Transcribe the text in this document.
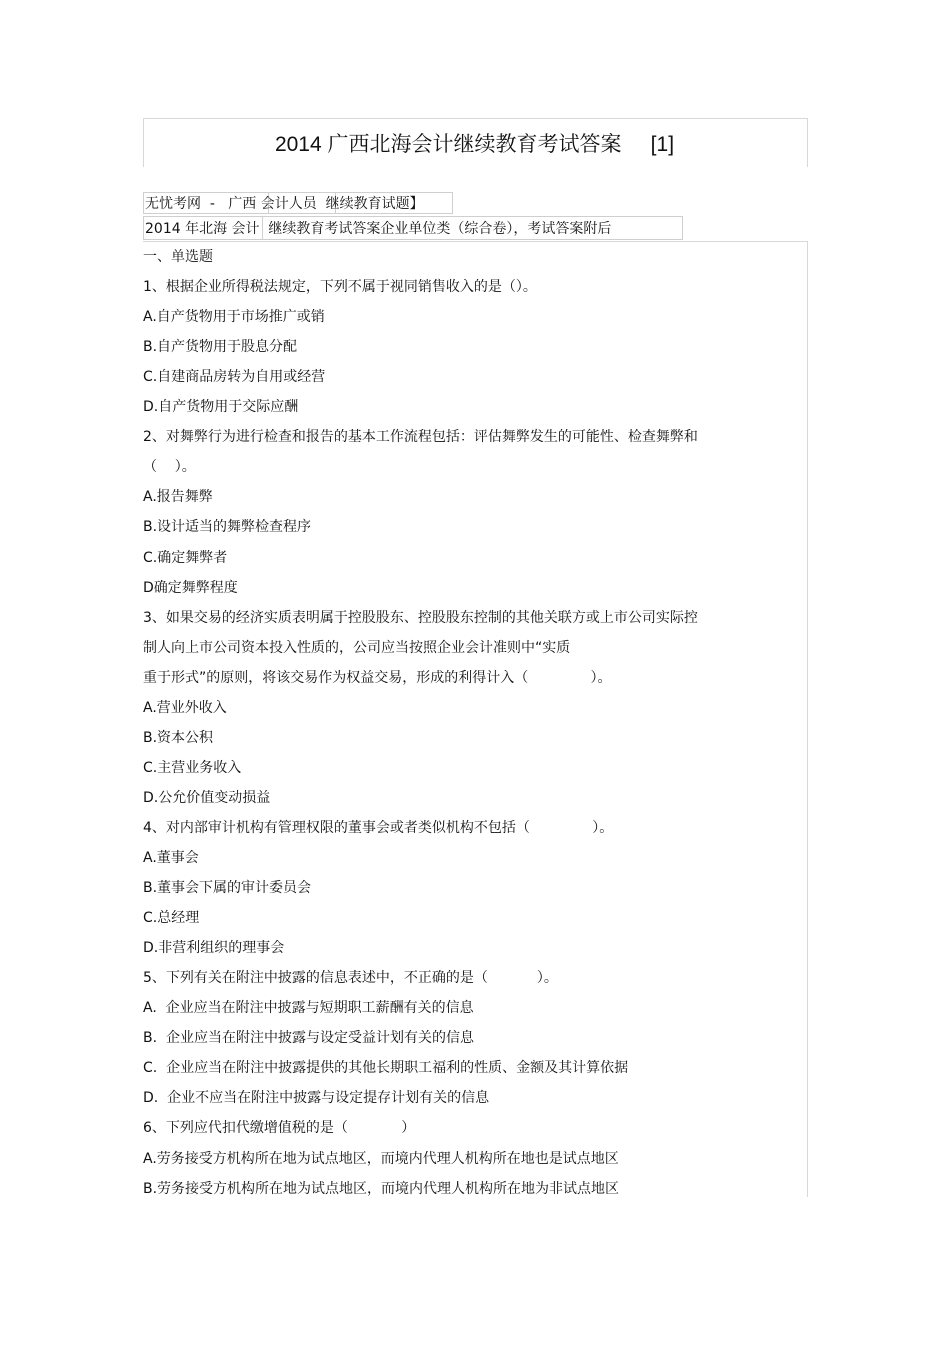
2014 广西北海会计继续教育考试答案     [1]
无忧考网  -   广西 会计人员  继续教育试题】
2014 年北海 会计  继续教育考试答案企业单位类（综合卷），考试答案附后
一、单选题
1、根据企业所得税法规定，下列不属于视同销售收入的是（）。
A.自产货物用于市场推广或销
B.自产货物用于股息分配
C.自建商品房转为自用或经营
D.自产货物用于交际应酬
2、对舞弊行为进行检查和报告的基本工作流程包括：评估舞弊发生的可能性、检查舞弊和
（    ）。
A.报告舞弊
B.设计适当的舞弊检查程序
C.确定舞弊者
D确定舞弊程度
3、如果交易的经济实质表明属于控股股东、控股股东控制的其他关联方或上市公司实际控
制人向上市公司资本投入性质的，公司应当按照企业会计准则中“实质
重于形式”的原则，将该交易作为权益交易，形成的利得计入（              ）。
A.营业外收入
B.资本公积
C.主营业务收入
D.公允价值变动损益
4、对内部审计机构有管理权限的董事会或者类似机构不包括（              ）。
A.董事会
B.董事会下属的审计委员会
C.总经理
D.非营利组织的理事会
5、下列有关在附注中披露的信息表述中，不正确的是（           ）。
A.  企业应当在附注中披露与短期职工薪酬有关的信息
B.  企业应当在附注中披露与设定受益计划有关的信息
C.  企业应当在附注中披露提供的其他长期职工福利的性质、金额及其计算依据
D.  企业不应当在附注中披露与设定提存计划有关的信息
6、下列应代扣代缴增值税的是（            ）
A.劳务接受方机构所在地为试点地区，而境内代理人机构所在地也是试点地区
B.劳务接受方机构所在地为试点地区，而境内代理人机构所在地为非试点地区
